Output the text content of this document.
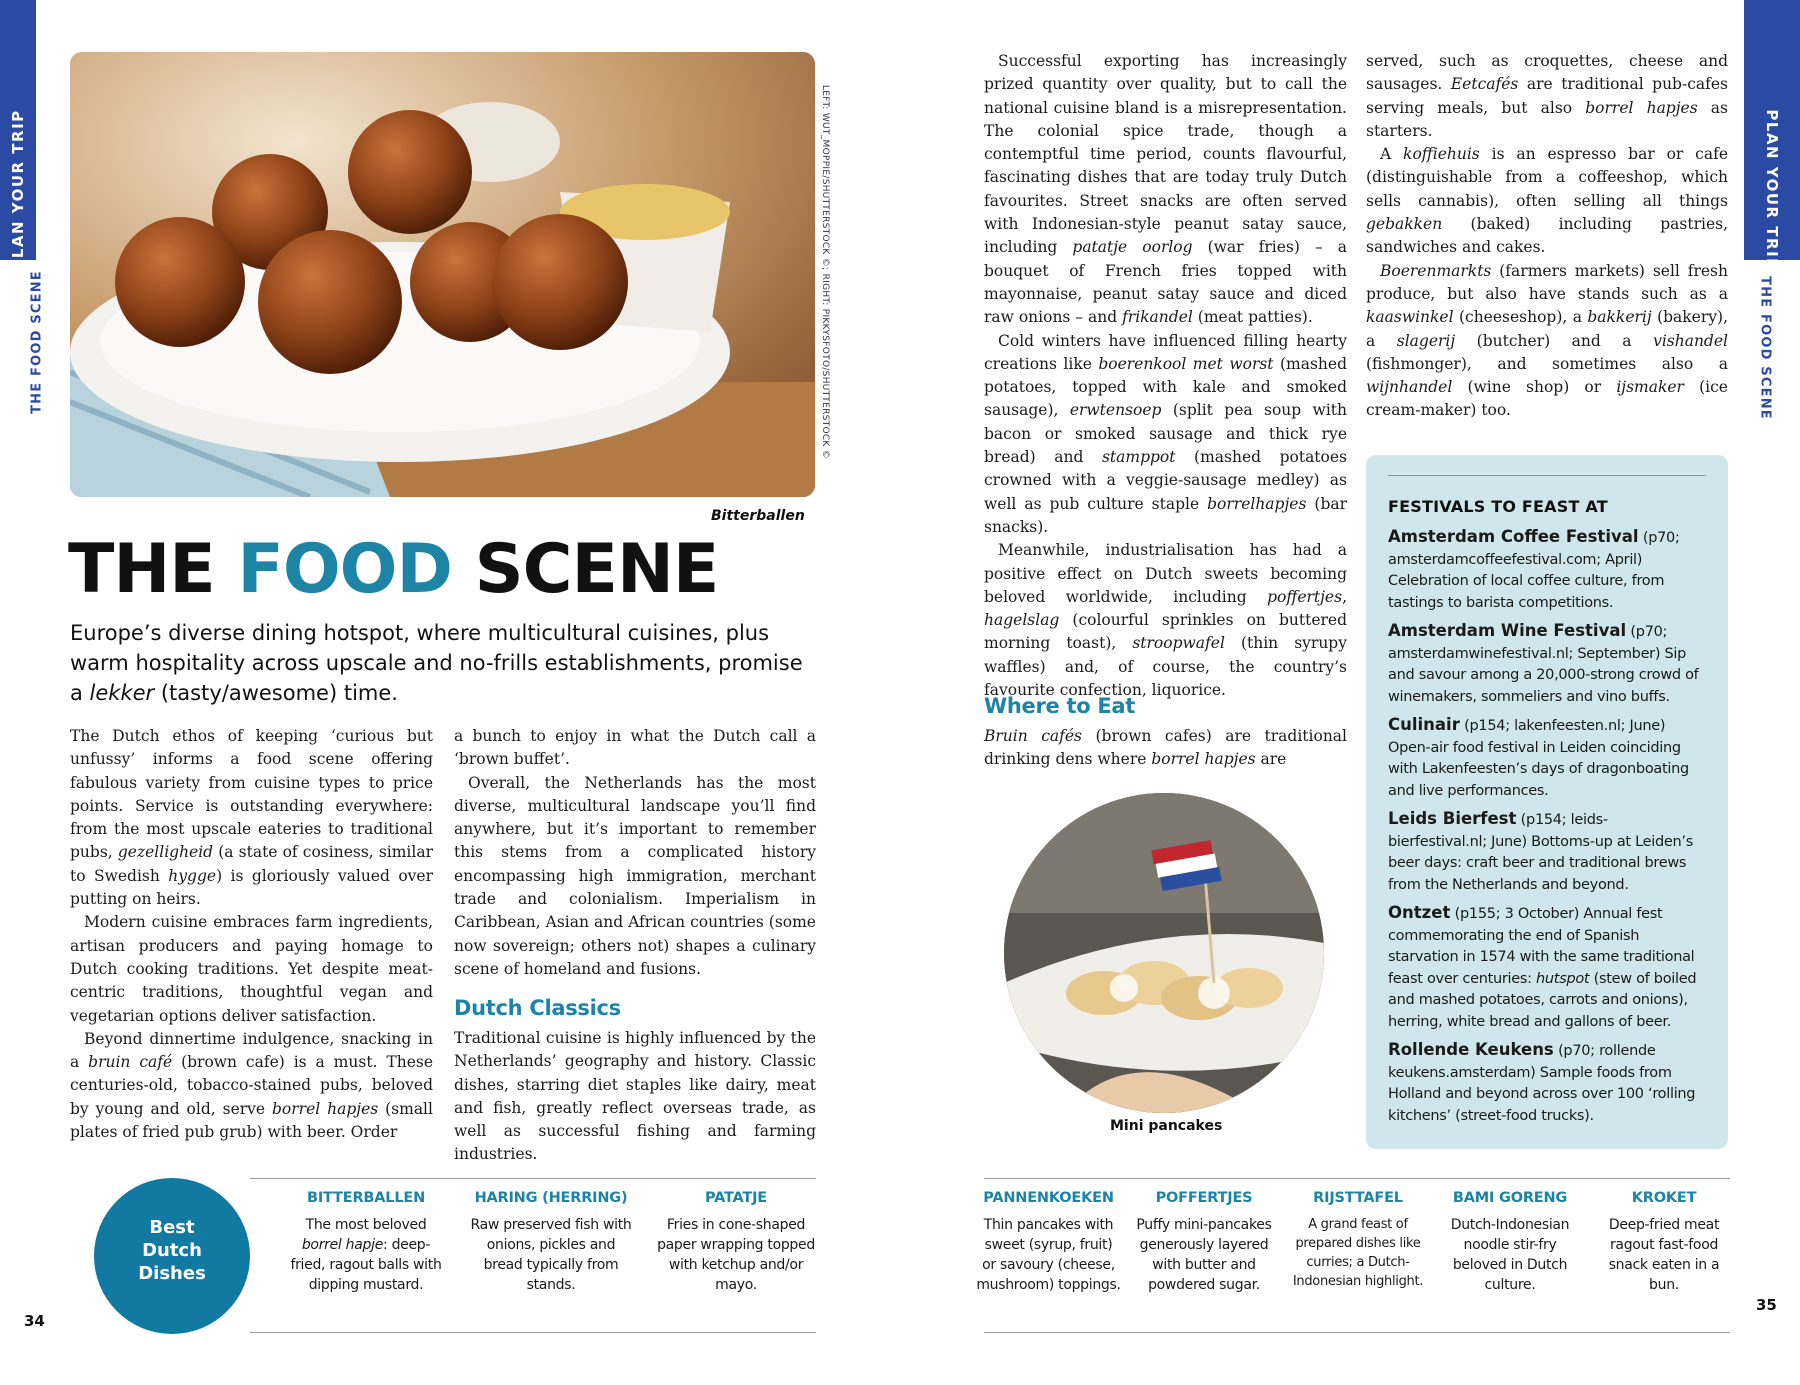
PLAN YOUR TRIP
THE FOOD SCENE
PLAN YOUR TRIP
THE FOOD SCENE
LEFT: WUT_MOPPIE/SHUTTERSTOCK ©; RIGHT: PIKKYSFOTO/SHUTTERSTOCK ©
Bitterballen
THE FOOD SCENE
Europe’s diverse dining hotspot, where multicultural cuisines, plus warm hospitality across upscale and no-frills establishments, promise a lekker (tasty/awesome) time.

The Dutch ethos of keeping ‘curious but unfussy’ informs a food scene offering fabulous variety from cuisine types to price points. Service is outstanding everywhere: from the most upscale eateries to traditional pubs, gezelligheid (a state of cosiness, similar to Swedish hygge) is gloriously valued over putting on heirs.

Modern cuisine embraces farm ingredients, artisan producers and paying homage to Dutch cooking traditions. Yet despite meat-centric traditions, thoughtful vegan and vegetarian options deliver satisfaction.

Beyond dinnertime indulgence, snacking in a bruin café (brown cafe) is a must. These centuries-old, tobacco-stained pubs, beloved by young and old, serve borrel hapjes (small plates of fried pub grub) with beer. Order

a bunch to enjoy in what the Dutch call a ‘brown buffet’.

Overall, the Netherlands has the most diverse, multicultural landscape you’ll find anywhere, but it’s important to remember this stems from a complicated history encompassing high immigration, merchant trade and colonialism. Imperialism in Caribbean, Asian and African countries (some now sovereign; others not) shapes a culinary scene of homeland and fusions.

Dutch Classics

Traditional cuisine is highly influenced by the Netherlands’ geography and history. Classic dishes, starring diet staples like dairy, meat and fish, greatly reflect overseas trade, as well as successful fishing and farming industries.

Successful exporting has increasingly prized quantity over quality, but to call the national cuisine bland is a misrepresentation. The colonial spice trade, though a contemptful time period, counts flavourful, fascinating dishes that are today truly Dutch favourites. Street snacks are often served with Indonesian-style peanut satay sauce, including patatje oorlog (war fries) – a bouquet of French fries topped with mayonnaise, peanut satay sauce and diced raw onions – and frikandel (meat patties).

Cold winters have influenced filling hearty creations like boerenkool met worst (mashed potatoes, topped with kale and smoked sausage), erwtensoep (split pea soup with bacon or smoked sausage and thick rye bread) and stamppot (mashed potatoes crowned with a veggie-sausage medley) as well as pub culture staple borrelhapjes (bar snacks).

Meanwhile, industrialisation has had a positive effect on Dutch sweets becoming beloved worldwide, including poffertjes, hagelslag (colourful sprinkles on buttered morning toast), stroopwafel (thin syrupy waffles) and, of course, the country’s favourite confection, liquorice.

Where to Eat

Bruin cafés (brown cafes) are traditional drinking dens where borrel hapjes are

served, such as croquettes, cheese and sausages. Eetcafés are traditional pub-cafes serving meals, but also borrel hapjes as starters.

A koffiehuis is an espresso bar or cafe (distinguishable from a coffeeshop, which sells cannabis), often selling all things gebakken (baked) including pastries, sandwiches and cakes.

Boerenmarkts (farmers markets) sell fresh produce, but also have stands such as a kaaswinkel (cheeseshop), a bakkerij (bakery), a slagerij (butcher) and a vishandel (fishmonger), and sometimes also a wijnhandel (wine shop) or ijsmaker (ice cream-maker) too.

FESTIVALS TO FEAST AT
Amsterdam Coffee Festival (p70; amsterdamcoffeefestival.com; April) Celebration of local coffee culture, from tastings to barista competitions.
Amsterdam Wine Festival (p70; amsterdamwinefestival.nl; September) Sip and savour among a 20,000-strong crowd of winemakers, sommeliers and vino buffs.
Culinair (p154; lakenfeesten.nl; June) Open-air food festival in Leiden coinciding with Lakenfeesten’s days of dragonboating and live performances.
Leids Bierfest (p154; leids-bierfestival.nl; June) Bottoms-up at Leiden’s beer days: craft beer and traditional brews from the Netherlands and beyond.
Ontzet (p155; 3 October) Annual fest commemorating the end of Spanish starvation in 1574 with the same traditional feast over centuries: hutspot (stew of boiled and mashed potatoes, carrots and onions), herring, white bread and gallons of beer.
Rollende Keukens (p70; rollende keukens.amsterdam) Sample foods from Holland and beyond across over 100 ‘rolling kitchens’ (street-food trucks).
Mini pancakes
Best
Dutch
Dishes
BITTERBALLEN
The most beloved borrel hapje: deep-fried, ragout balls with dipping mustard.
HARING (HERRING)
Raw preserved fish with onions, pickles and bread typically from stands.
PATATJE
Fries in cone-shaped paper wrapping topped with ketchup and/or mayo.
PANNENKOEKEN
Thin pancakes with sweet (syrup, fruit) or savoury (cheese, mushroom) toppings.
POFFERTJES
Puffy mini-pancakes generously layered with butter and powdered sugar.
RIJSTTAFEL
A grand feast of prepared dishes like curries; a Dutch-Indonesian highlight.
BAMI GORENG
Dutch-Indonesian noodle stir-fry beloved in Dutch culture.
KROKET
Deep-fried meat ragout fast-food snack eaten in a bun.
34
35
